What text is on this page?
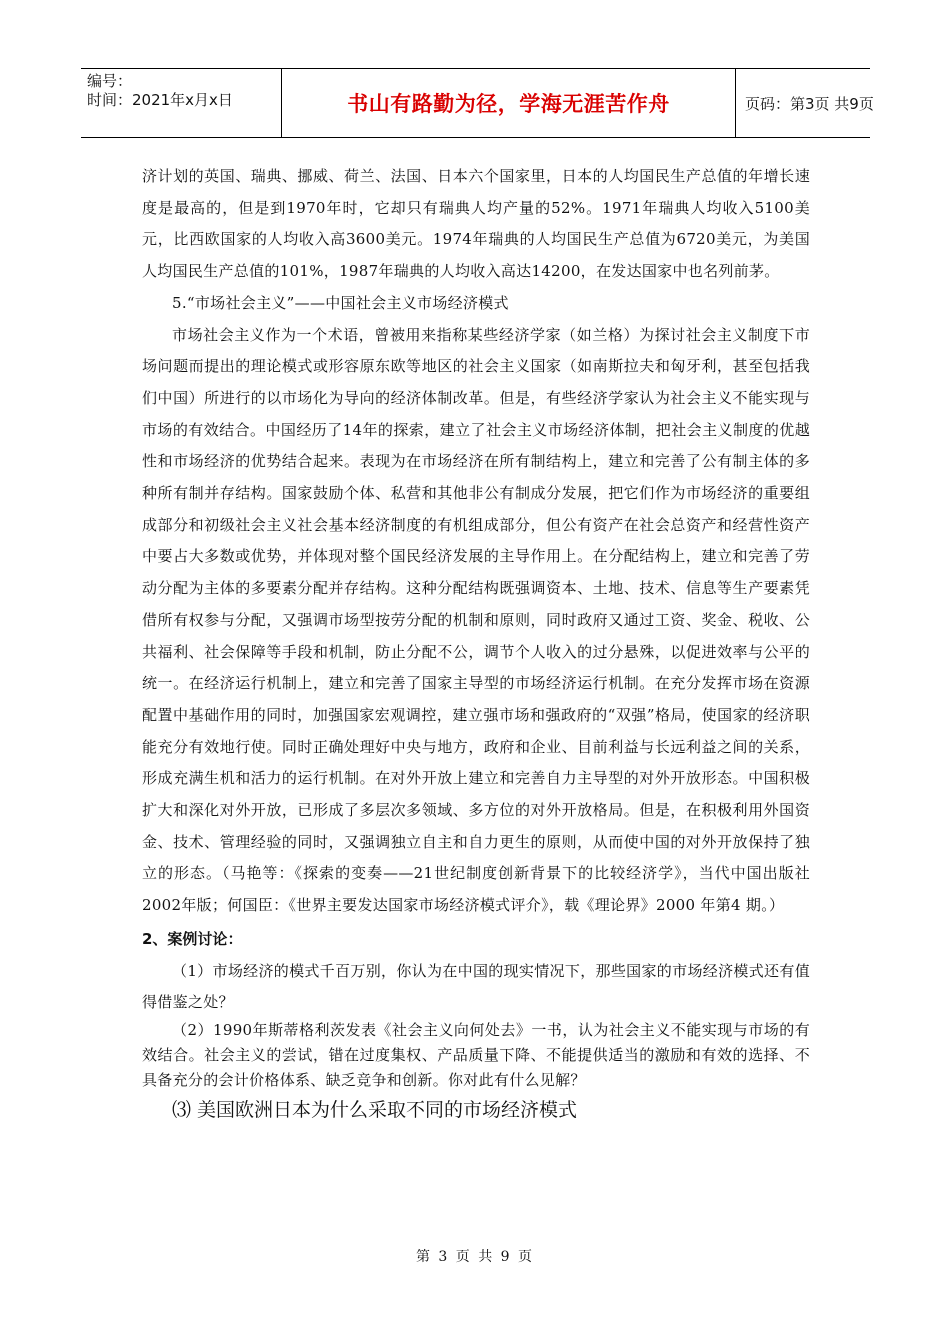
编号：
时间：2021年x月x日	书山有路勤为径，学海无涯苦作舟	页码：第3页 共9页

济计划的英国、瑞典、挪威、荷兰、法国、日本六个国家里，日本的人均国民生产总值的年增长速度是最高的，但是到1970年时，它却只有瑞典人均产量的52%。1971年瑞典人均收入5100美元，比西欧国家的人均收入高3600美元。1974年瑞典的人均国民生产总值为6720美元，为美国人均国民生产总值的101%，1987年瑞典的人均收入高达14200，在发达国家中也名列前茅。

5.“市场社会主义”——中国社会主义市场经济模式

市场社会主义作为一个术语，曾被用来指称某些经济学家（如兰格）为探讨社会主义制度下市场问题而提出的理论模式或形容原东欧等地区的社会主义国家（如南斯拉夫和匈牙利，甚至包括我们中国）所进行的以市场化为导向的经济体制改革。但是，有些经济学家认为社会主义不能实现与市场的有效结合。中国经历了14年的探索，建立了社会主义市场经济体制，把社会主义制度的优越性和市场经济的优势结合起来。表现为在市场经济在所有制结构上，建立和完善了公有制主体的多种所有制并存结构。国家鼓励个体、私营和其他非公有制成分发展，把它们作为市场经济的重要组成部分和初级社会主义社会基本经济制度的有机组成部分，但公有资产在社会总资产和经营性资产中要占大多数或优势，并体现对整个国民经济发展的主导作用上。在分配结构上，建立和完善了劳动分配为主体的多要素分配并存结构。这种分配结构既强调资本、土地、技术、信息等生产要素凭借所有权参与分配，又强调市场型按劳分配的机制和原则，同时政府又通过工资、奖金、税收、公共福利、社会保障等手段和机制，防止分配不公，调节个人收入的过分悬殊，以促进效率与公平的统一。在经济运行机制上，建立和完善了国家主导型的市场经济运行机制。在充分发挥市场在资源配置中基础作用的同时，加强国家宏观调控，建立强市场和强政府的“双强”格局，使国家的经济职能充分有效地行使。同时正确处理好中央与地方，政府和企业、目前利益与长远利益之间的关系，形成充满生机和活力的运行机制。在对外开放上建立和完善自力主导型的对外开放形态。中国积极扩大和深化对外开放，已形成了多层次多领域、多方位的对外开放格局。但是，在积极利用外国资金、技术、管理经验的同时，又强调独立自主和自力更生的原则，从而使中国的对外开放保持了独立的形态。（马艳等：《探索的变奏——21世纪制度创新背景下的比较经济学》，当代中国出版社2002年版；何国臣：《世界主要发达国家市场经济模式评介》，载《理论界》2000 年第4 期。）

2、案例讨论：

（1）市场经济的模式千百万别，你认为在中国的现实情况下，那些国家的市场经济模式还有值得借鉴之处？

（2）1990年斯蒂格利茨发表《社会主义向何处去》一书，认为社会主义不能实现与市场的有效结合。社会主义的尝试，错在过度集权、产品质量下降、不能提供适当的激励和有效的选择、不具备充分的会计价格体系、缺乏竞争和创新。你对此有什么见解？

⑶ 美国欧洲日本为什么采取不同的市场经济模式

第 3 页 共 9 页
